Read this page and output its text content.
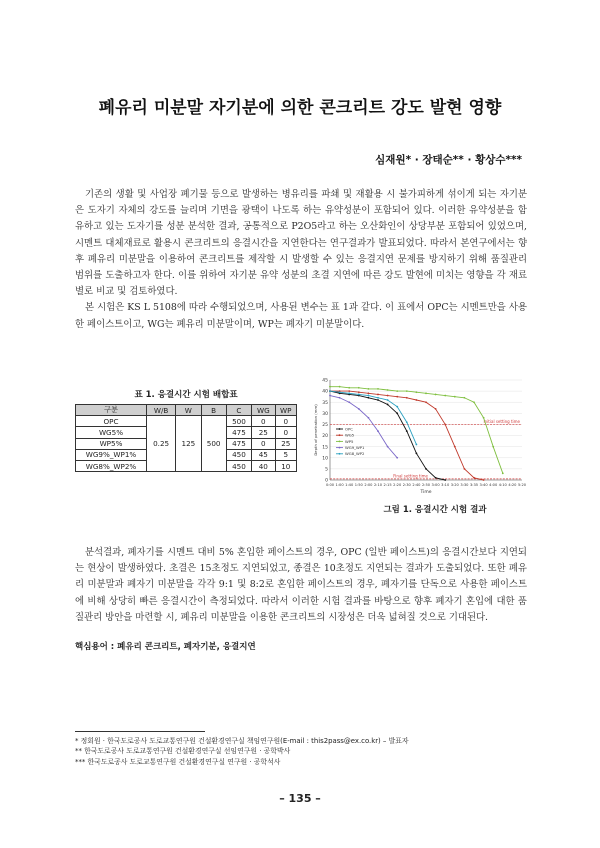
폐유리 미분말 자기분에 의한 콘크리트 강도 발현 영향
심재원* · 장태순** · 황상수***

기존의 생활 및 사업장 폐기물 등으로 발생하는 병유리를 파쇄 및 재활용 시 불가피하게 섞이게 되는 자기분은 도자기 자체의 강도를 늘리며 기면을 광택이 나도록 하는 유약성분이 포함되어 있다. 이러한 유약성분을 함유하고 있는 도자기를 성분 분석한 결과, 공통적으로 P2O5라고 하는 오산화인이 상당부분 포함되어 있었으며, 시멘트 대체재료로 활용시 콘크리트의 응결시간을 지연한다는 연구결과가 발표되었다. 따라서 본연구에서는 향후 폐유리 미분말을 이용하여 콘크리트를 제작할 시 발생할 수 있는 응결지연 문제를 방지하기 위해 품질관리 범위를 도출하고자 한다. 이를 위하여 자기분 유약 성분의 초결 지연에 따른 강도 발현에 미치는 영향을 각 재료별로 비교 및 검토하였다.

본 시험은 KS L 5108에 따라 수행되었으며, 사용된 변수는 표 1과 같다. 이 표에서 OPC는 시멘트만을 사용한 페이스트이고, WG는 폐유리 미분말이며, WP는 폐자기 미분말이다.

표 1. 응결시간 시험 배합표
구분	W/B	W	B	C	WG	WP
OPC	0.25	125	500	500	0	0
WG5%				475	25	0
WP5%				475	0	25
WG9%_WP1%				450	45	5
WG8%_WP2%				450	40	10
0
5
10
15
20
25
30
35
40
45
0:00 1:00 1:40 1:50 2:00 2:10 2:15 2:20 2:30 2:40 2:50 3:00 3:10 3:20 3:30 3:35 3:40 4:00 4:10 4:20 5:20
Time
Depth of penetration (mm)	Initial setting time
Final setting time
OPC
WG5
WP5
WG9_WP1
WG8_WP2
그림 1. 응결시간 시험 결과

분석결과, 폐자기를 시멘트 대비 5% 혼입한 페이스트의 경우, OPC (일반 페이스트)의 응결시간보다 지연되는 현상이 발생하였다. 초결은 15초정도 지연되었고, 종결은 10초정도 지연되는 결과가 도출되었다. 또한 폐유리 미분말과 폐자기 미분말을 각각 9:1 및 8:2로 혼입한 페이스트의 경우, 폐자기를 단독으로 사용한 페이스트에 비해 상당히 빠른 응결시간이 측정되었다. 따라서 이러한 시험 결과를 바탕으로 향후 폐자기 혼입에 대한 품질관리 방안을 마련할 시, 폐유리 미분말을 이용한 콘크리트의 시장성은 더욱 넓혀질 것으로 기대된다.

핵심용어 : 폐유리 콘크리트, 폐자기분, 응결지연
* 정회원 · 한국도로공사 도로교통연구원 건설환경연구실 책임연구원(E-mail : this2pass@ex.co.kr) – 발표자
** 한국도로공사 도로교통연구원 건설환경연구실 선임연구원 · 공학박사
*** 한국도로공사 도로교통연구원 건설환경연구실 연구원 · 공학석사
– 135 –
